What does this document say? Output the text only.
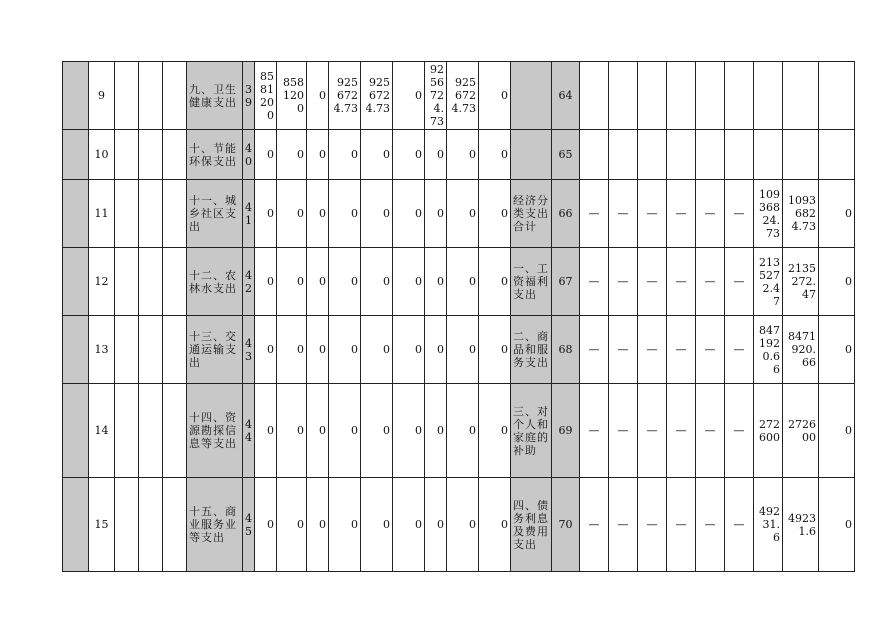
	9				九、卫生健康支出	39	8581200	8581200	0	9256724.73	9256724.73	0	9256724.73	9256724.73	0		64									
	10				十、节能环保支出	40	0	0	0	0	0	0	0	0	0		65									
	11				十一、城乡社区支出	41	0	0	0	0	0	0	0	0	0	经济分类支出合计	66	—	—	—	—	—	—	10936824.73	10936824.73	0
	12				十二、农林水支出	42	0	0	0	0	0	0	0	0	0	一、工资福利支出	67	—	—	—	—	—	—	2135272.47	2135272.47	0
	13				十三、交通运输支出	43	0	0	0	0	0	0	0	0	0	二、商品和服务支出	68	—	—	—	—	—	—	8471920.66	8471920.66	0
	14				十四、资源勘探信息等支出	44	0	0	0	0	0	0	0	0	0	三、对个人和家庭的补助	69	—	—	—	—	—	—	272600	272600	0
	15				十五、商业服务业等支出	45	0	0	0	0	0	0	0	0	0	四、债务利息及费用支出	70	—	—	—	—	—	—	49231.6	49231.6	0
